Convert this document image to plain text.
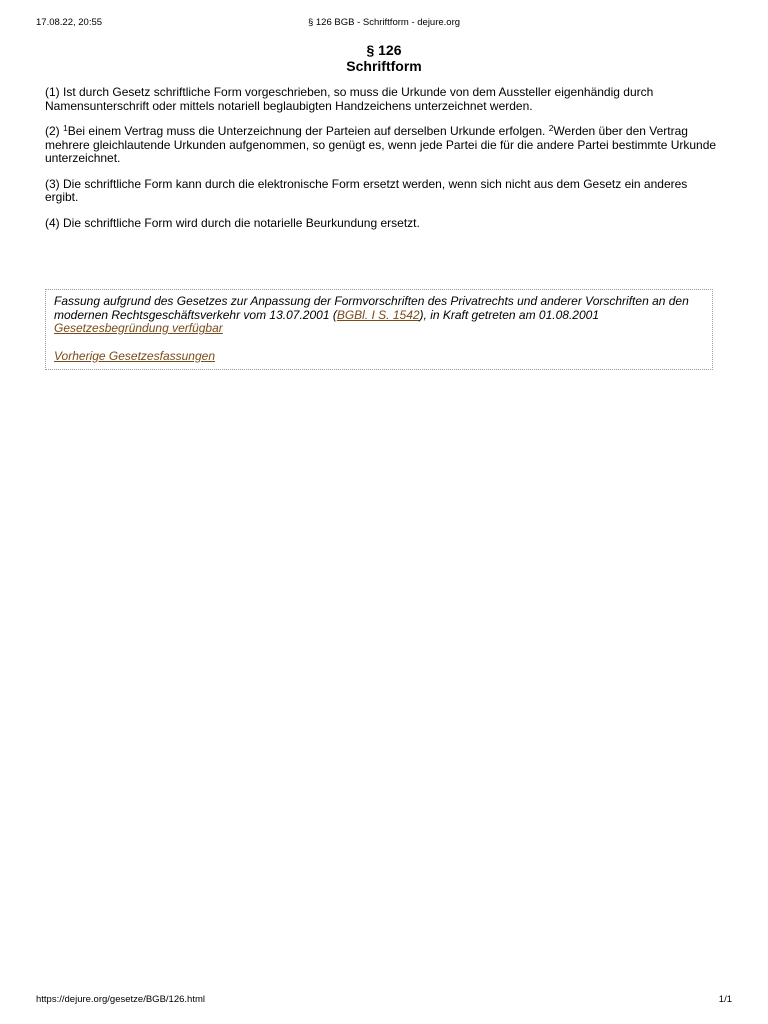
§ 126 BGB - Schriftform - dejure.org
17.08.22, 20:55
§ 126
Schriftform

(1) Ist durch Gesetz schriftliche Form vorgeschrieben, so muss die Urkunde von dem Aussteller eigenhändig durch Namensunterschrift oder mittels notariell beglaubigten Handzeichens unterzeichnet werden.

(2) $^1$Bei einem Vertrag muss die Unterzeichnung der Parteien auf derselben Urkunde erfolgen. $^2$Werden über den Vertrag mehrere gleichlautende Urkunden aufgenommen, so genügt es, wenn jede Partei die für die andere Partei bestimmte Urkunde unterzeichnet.

(3) Die schriftliche Form kann durch die elektronische Form ersetzt werden, wenn sich nicht aus dem Gesetz ein anderes ergibt.

(4) Die schriftliche Form wird durch die notarielle Beurkundung ersetzt.

Fassung aufgrund des Gesetzes zur Anpassung der Formvorschriften des Privatrechts und anderer Vorschriften an den modernen Rechtsgeschäftsverkehr vom 13.07.2001 (BGBl. I S. 1542), in Kraft getreten am 01.08.2001 Gesetzesbegründung verfügbar

Vorherige Gesetzesfassungen

https://dejure.org/gesetze/BGB/126.html	1/1
